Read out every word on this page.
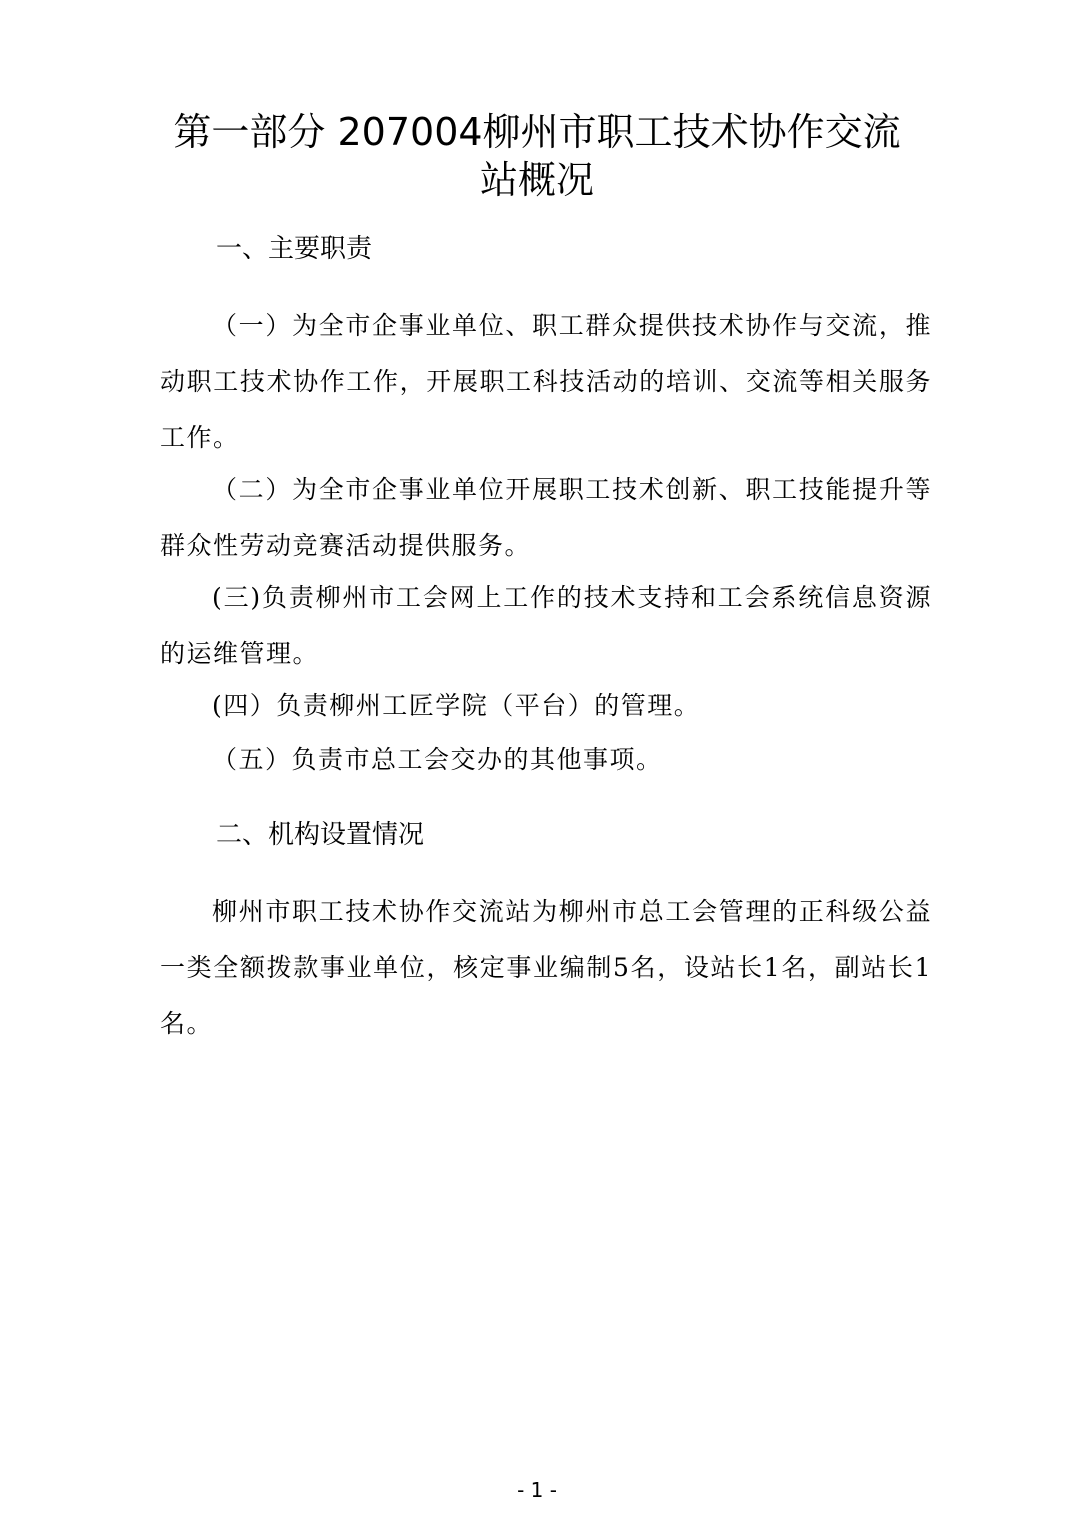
第一部分 207004柳州市职工技术协作交流
站概况
一、主要职责

（一）为全市企事业单位、职工群众提供技术协作与交流，推动职工技术协作工作，开展职工科技活动的培训、交流等相关服务工作。

（二）为全市企事业单位开展职工技术创新、职工技能提升等群众性劳动竞赛活动提供服务。

(三)负责柳州市工会网上工作的技术支持和工会系统信息资源的运维管理。

(四）负责柳州工匠学院（平台）的管理。

（五）负责市总工会交办的其他事项。

二、机构设置情况

柳州市职工技术协作交流站为柳州市总工会管理的正科级公益一类全额拨款事业单位，核定事业编制5名，设站长1名，副站长1名。

- 1 -
